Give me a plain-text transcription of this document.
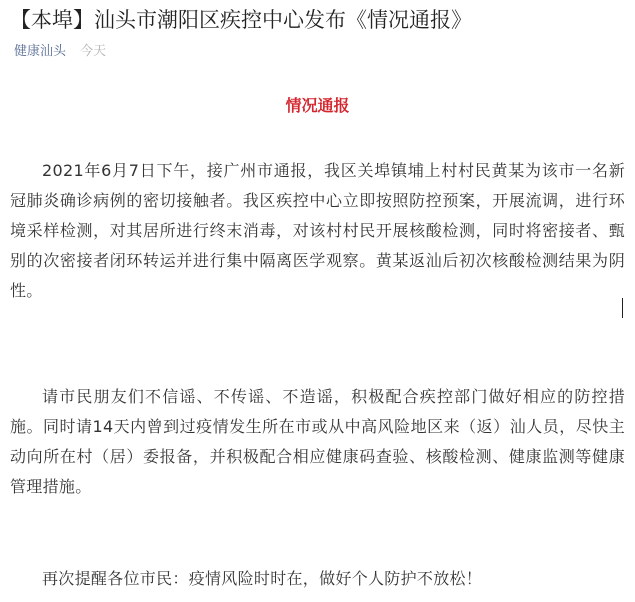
【本埠】汕头市潮阳区疾控中心发布《情况通报》
健康汕头 今天
情况通报

2021年6月7日下午，接广州市通报，我区关埠镇埔上村村民黄某为该市一名新冠肺炎确诊病例的密切接触者。我区疾控中心立即按照防控预案，开展流调，进行环境采样检测，对其居所进行终末消毒，对该村村民开展核酸检测，同时将密接者、甄别的次密接者闭环转运并进行集中隔离医学观察。黄某返汕后初次核酸检测结果为阴性。

请市民朋友们不信谣、不传谣、不造谣，积极配合疾控部门做好相应的防控措施。同时请14天内曾到过疫情发生所在市或从中高风险地区来（返）汕人员，尽快主动向所在村（居）委报备，并积极配合相应健康码查验、核酸检测、健康监测等健康管理措施。

再次提醒各位市民：疫情风险时时在，做好个人防护不放松！
